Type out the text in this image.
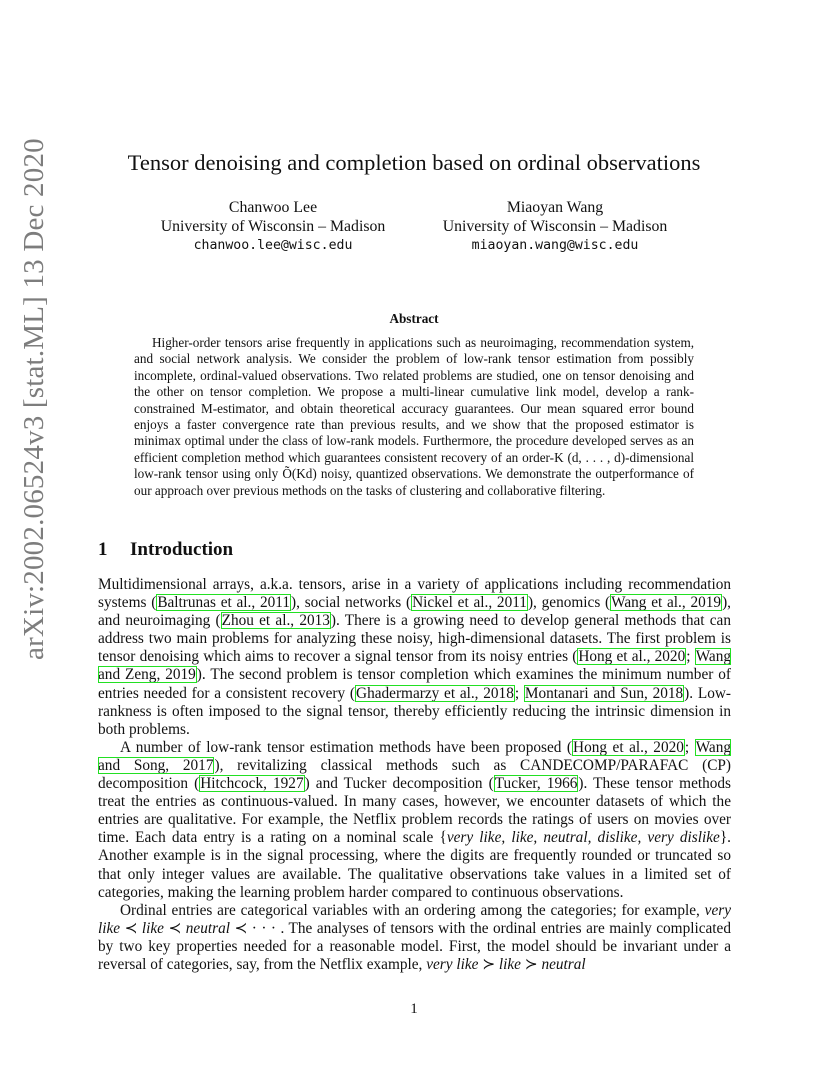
arXiv:2002.06524v3 [stat.ML] 13 Dec 2020	Tensor denoising and completion based on ordinal observations
Chanwoo Lee
University of Wisconsin – Madison
chanwoo.lee@wisc.edu
Miaoyan Wang
University of Wisconsin – Madison
miaoyan.wang@wisc.edu
Abstract

Higher-order tensors arise frequently in applications such as neuroimaging, recommendation system, and social network analysis. We consider the problem of low-rank tensor estimation from possibly incomplete, ordinal-valued observations. Two related problems are studied, one on tensor denoising and the other on tensor completion. We propose a multi-linear cumulative link model, develop a rank-constrained M-estimator, and obtain theoretical accuracy guarantees. Our mean squared error bound enjoys a faster convergence rate than previous results, and we show that the proposed estimator is minimax optimal under the class of low-rank models. Furthermore, the procedure developed serves as an efficient completion method which guarantees consistent recovery of an order-K (d, . . . , d)-dimensional low-rank tensor using only Õ(Kd) noisy, quantized observations. We demonstrate the outperformance of our approach over previous methods on the tasks of clustering and collaborative filtering.

1 Introduction

Multidimensional arrays, a.k.a. tensors, arise in a variety of applications including recommendation systems (Baltrunas et al., 2011), social networks (Nickel et al., 2011), genomics (Wang et al., 2019), and neuroimaging (Zhou et al., 2013). There is a growing need to develop general methods that can address two main problems for analyzing these noisy, high-dimensional datasets. The first problem is tensor denoising which aims to recover a signal tensor from its noisy entries (Hong et al., 2020; Wang and Zeng, 2019). The second problem is tensor completion which examines the minimum number of entries needed for a consistent recovery (Ghadermarzy et al., 2018; Montanari and Sun, 2018). Low-rankness is often imposed to the signal tensor, thereby efficiently reducing the intrinsic dimension in both problems.

A number of low-rank tensor estimation methods have been proposed (Hong et al., 2020; Wang and Song, 2017), revitalizing classical methods such as CANDECOMP/PARAFAC (CP) decomposition (Hitchcock, 1927) and Tucker decomposition (Tucker, 1966). These tensor methods treat the entries as continuous-valued. In many cases, however, we encounter datasets of which the entries are qualitative. For example, the Netflix problem records the ratings of users on movies over time. Each data entry is a rating on a nominal scale {very like, like, neutral, dislike, very dislike}. Another example is in the signal processing, where the digits are frequently rounded or truncated so that only integer values are available. The qualitative observations take values in a limited set of categories, making the learning problem harder compared to continuous observations.

Ordinal entries are categorical variables with an ordering among the categories; for example, very like ≺ like ≺ neutral ≺ · · · . The analyses of tensors with the ordinal entries are mainly complicated by two key properties needed for a reasonable model. First, the model should be invariant under a reversal of categories, say, from the Netflix example, very like ≻ like ≻ neutral

1
